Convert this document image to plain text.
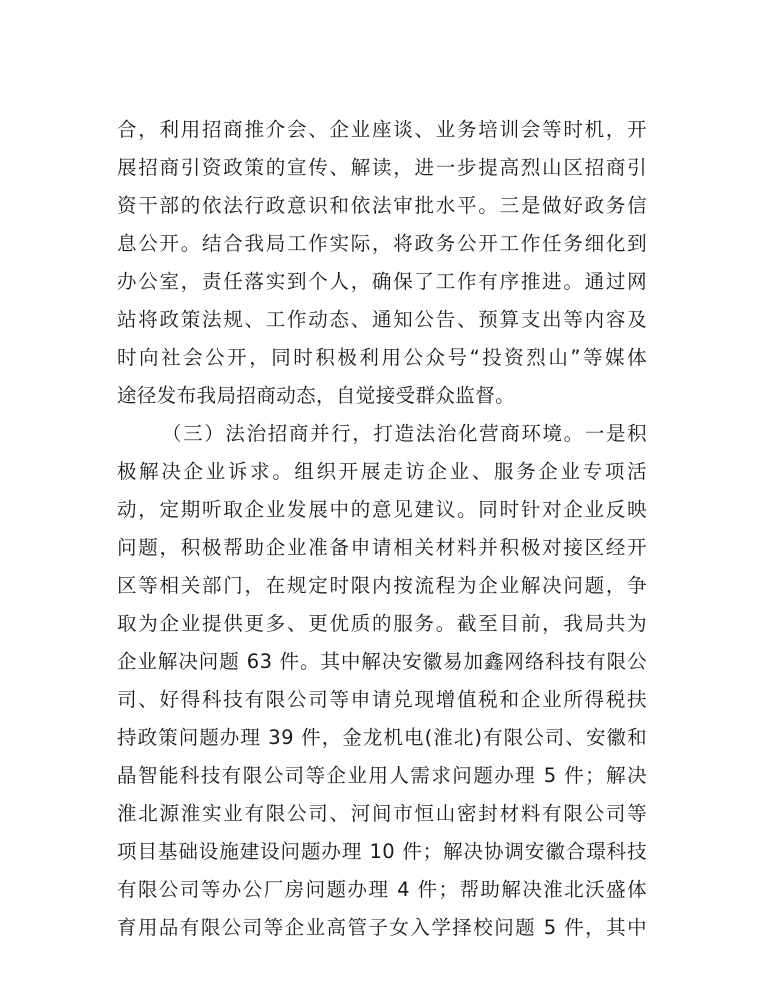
合，利用招商推介会、企业座谈、业务培训会等时机，开
展招商引资政策的宣传、解读，进一步提高烈山区招商引
资干部的依法行政意识和依法审批水平。三是做好政务信
息公开。结合我局工作实际，将政务公开工作任务细化到
办公室，责任落实到个人，确保了工作有序推进。通过网
站将政策法规、工作动态、通知公告、预算支出等内容及
时向社会公开，同时积极利用公众号“投资烈山”等媒体
途径发布我局招商动态，自觉接受群众监督。
（三）法治招商并行，打造法治化营商环境。一是积
极解决企业诉求。组织开展走访企业、服务企业专项活
动，定期听取企业发展中的意见建议。同时针对企业反映
问题，积极帮助企业准备申请相关材料并积极对接区经开
区等相关部门，在规定时限内按流程为企业解决问题，争
取为企业提供更多、更优质的服务。截至目前，我局共为
企业解决问题 63 件。其中解决安徽易加鑫网络科技有限公
司、好得科技有限公司等申请兑现增值税和企业所得税扶
持政策问题办理 39 件，金龙机电(淮北)有限公司、安徽和
晶智能科技有限公司等企业用人需求问题办理 5 件；解决
淮北源淮实业有限公司、河间市恒山密封材料有限公司等
项目基础设施建设问题办理 10 件；解决协调安徽合璟科技
有限公司等办公厂房问题办理 4 件；帮助解决淮北沃盛体
育用品有限公司等企业高管子女入学择校问题 5 件，其中
